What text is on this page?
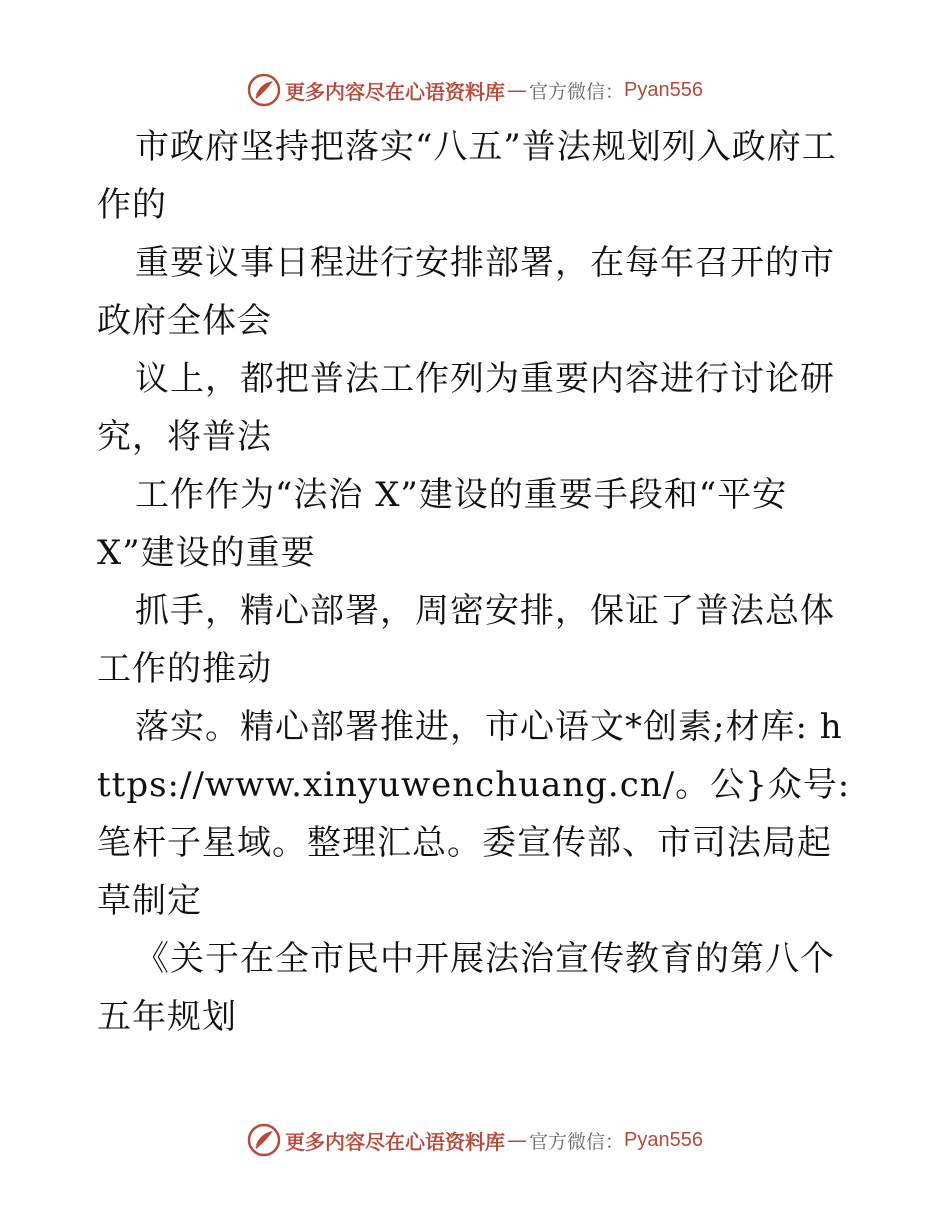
更多内容尽在心语资料库 — 官方微信： Pyan556

市政府坚持把落实“八五”普法规划列入政府工作的

重要议事日程进行安排部署，在每年召开的市政府全体会

议上，都把普法工作列为重要内容进行讨论研究，将普法

工作作为“法治 X”建设的重要手段和“平安 X”建设的重要

抓手，精心部署，周密安排，保证了普法总体工作的推动

落实。精心部署推进，市心语文*创素;材库: https://www.xinyuwenchuang.cn/。公}众号: 笔杆子星域。整理汇总。委宣传部、市司法局起草制定

《关于在全市民中开展法治宣传教育的第八个五年规划

更多内容尽在心语资料库 — 官方微信： Pyan556
